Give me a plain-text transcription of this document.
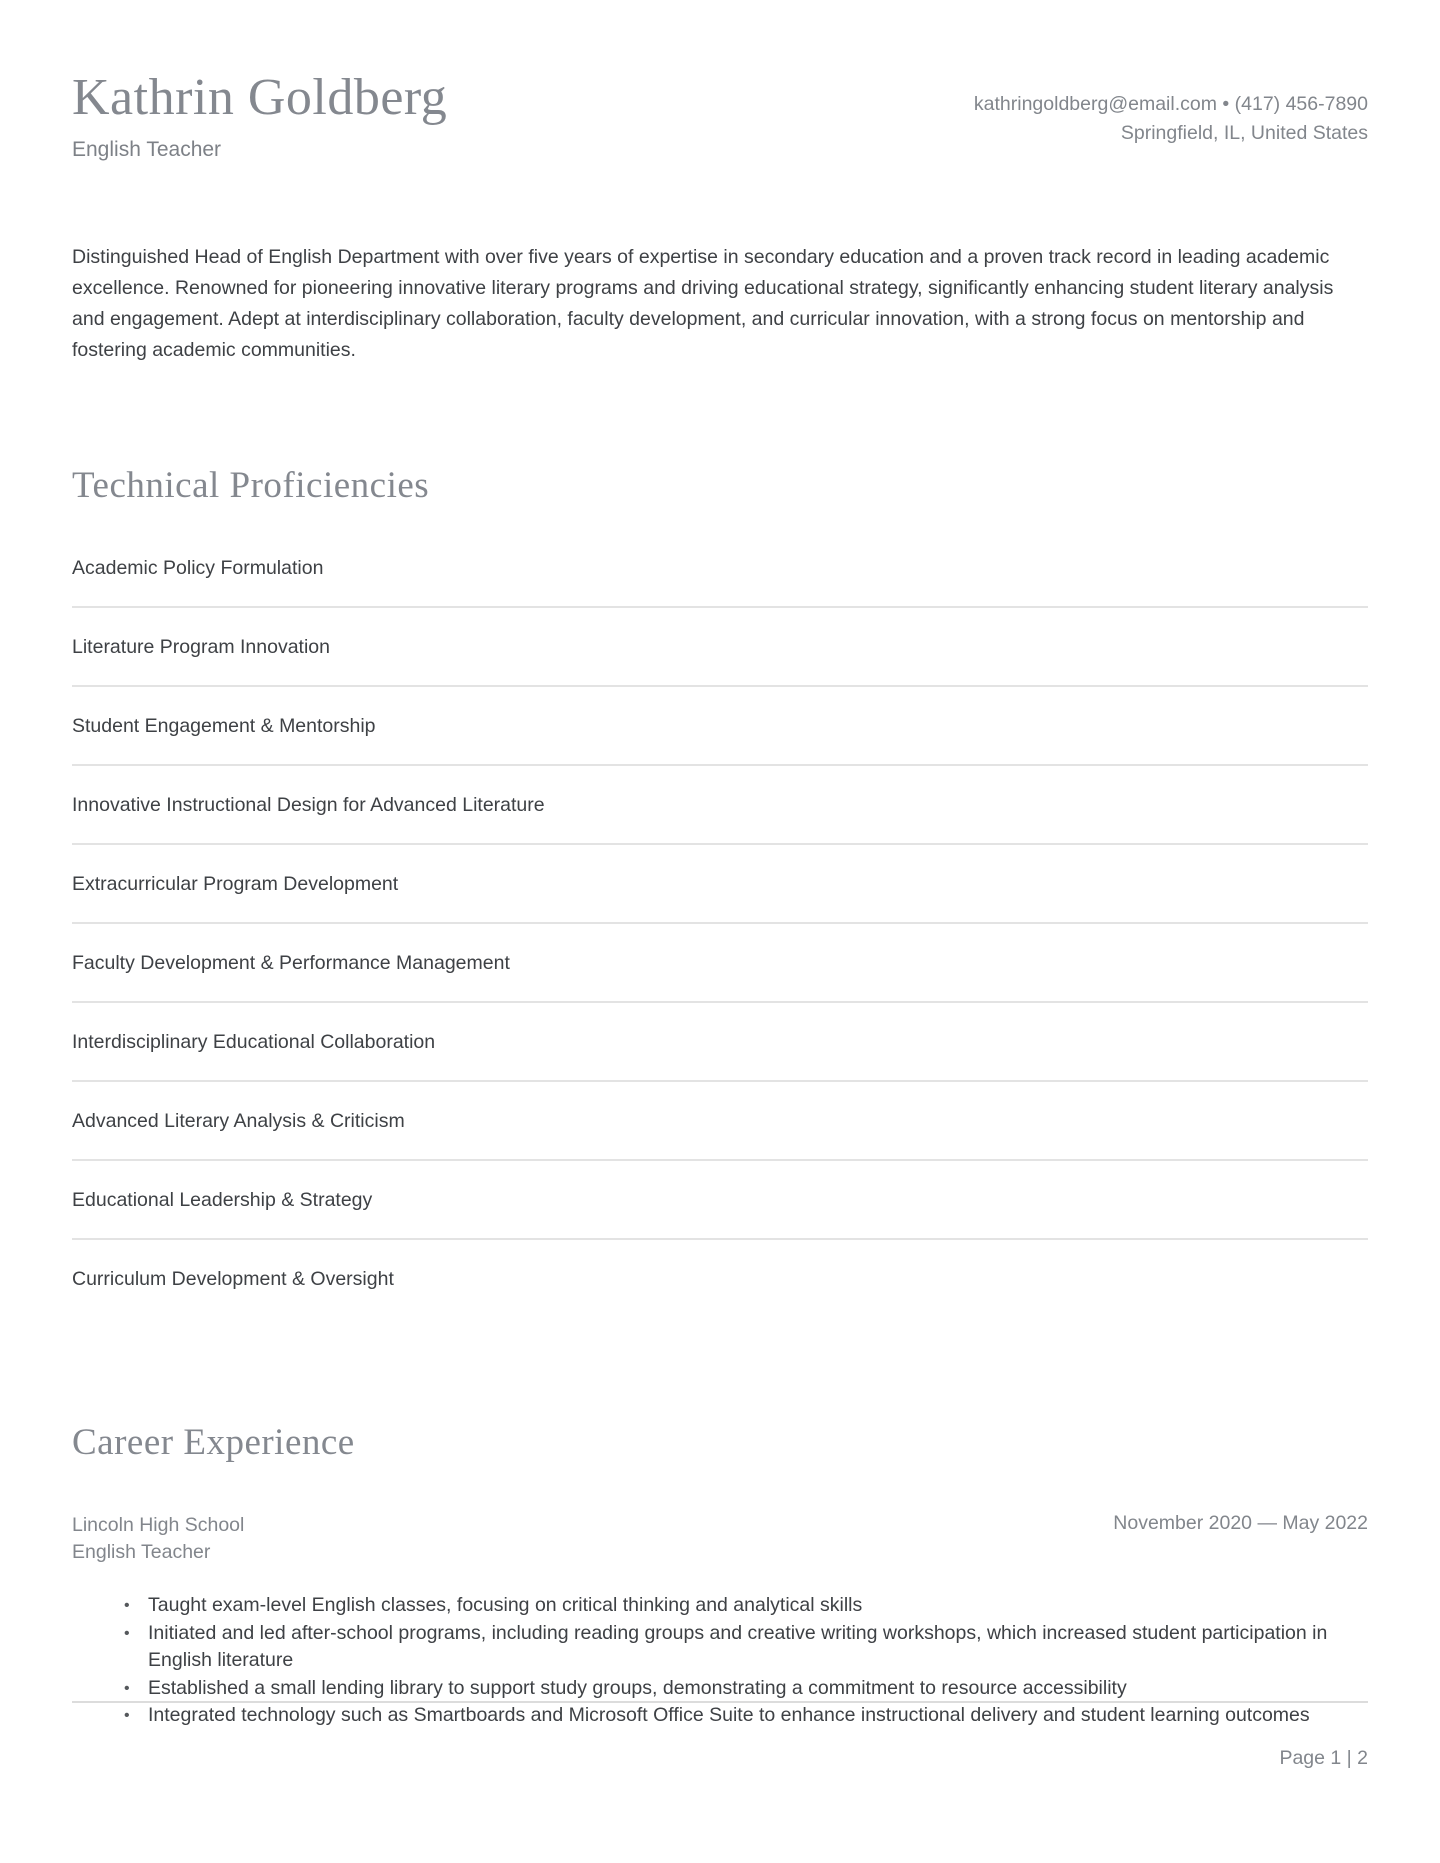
Kathrin Goldberg
English Teacher
kathringoldberg@email.com • (417) 456-7890
Springfield, IL, United States

Distinguished Head of English Department with over five years of expertise in secondary education and a proven track record in leading academic excellence. Renowned for pioneering innovative literary programs and driving educational strategy, significantly enhancing student literary analysis and engagement. Adept at interdisciplinary collaboration, faculty development, and curricular innovation, with a strong focus on mentorship and fostering academic communities.

Technical Proficiencies
Academic Policy Formulation
Literature Program Innovation
Student Engagement & Mentorship
Innovative Instructional Design for Advanced Literature
Extracurricular Program Development
Faculty Development & Performance Management
Interdisciplinary Educational Collaboration
Advanced Literary Analysis & Criticism
Educational Leadership & Strategy
Curriculum Development & Oversight
Career Experience
Lincoln High School
English Teacher
November 2020 — May 2022
• Taught exam-level English classes, focusing on critical thinking and analytical skills
• Initiated and led after-school programs, including reading groups and creative writing workshops, which increased student participation in English literature
• Established a small lending library to support study groups, demonstrating a commitment to resource accessibility
• Integrated technology such as Smartboards and Microsoft Office Suite to enhance instructional delivery and student learning outcomes
Page 1 | 2
